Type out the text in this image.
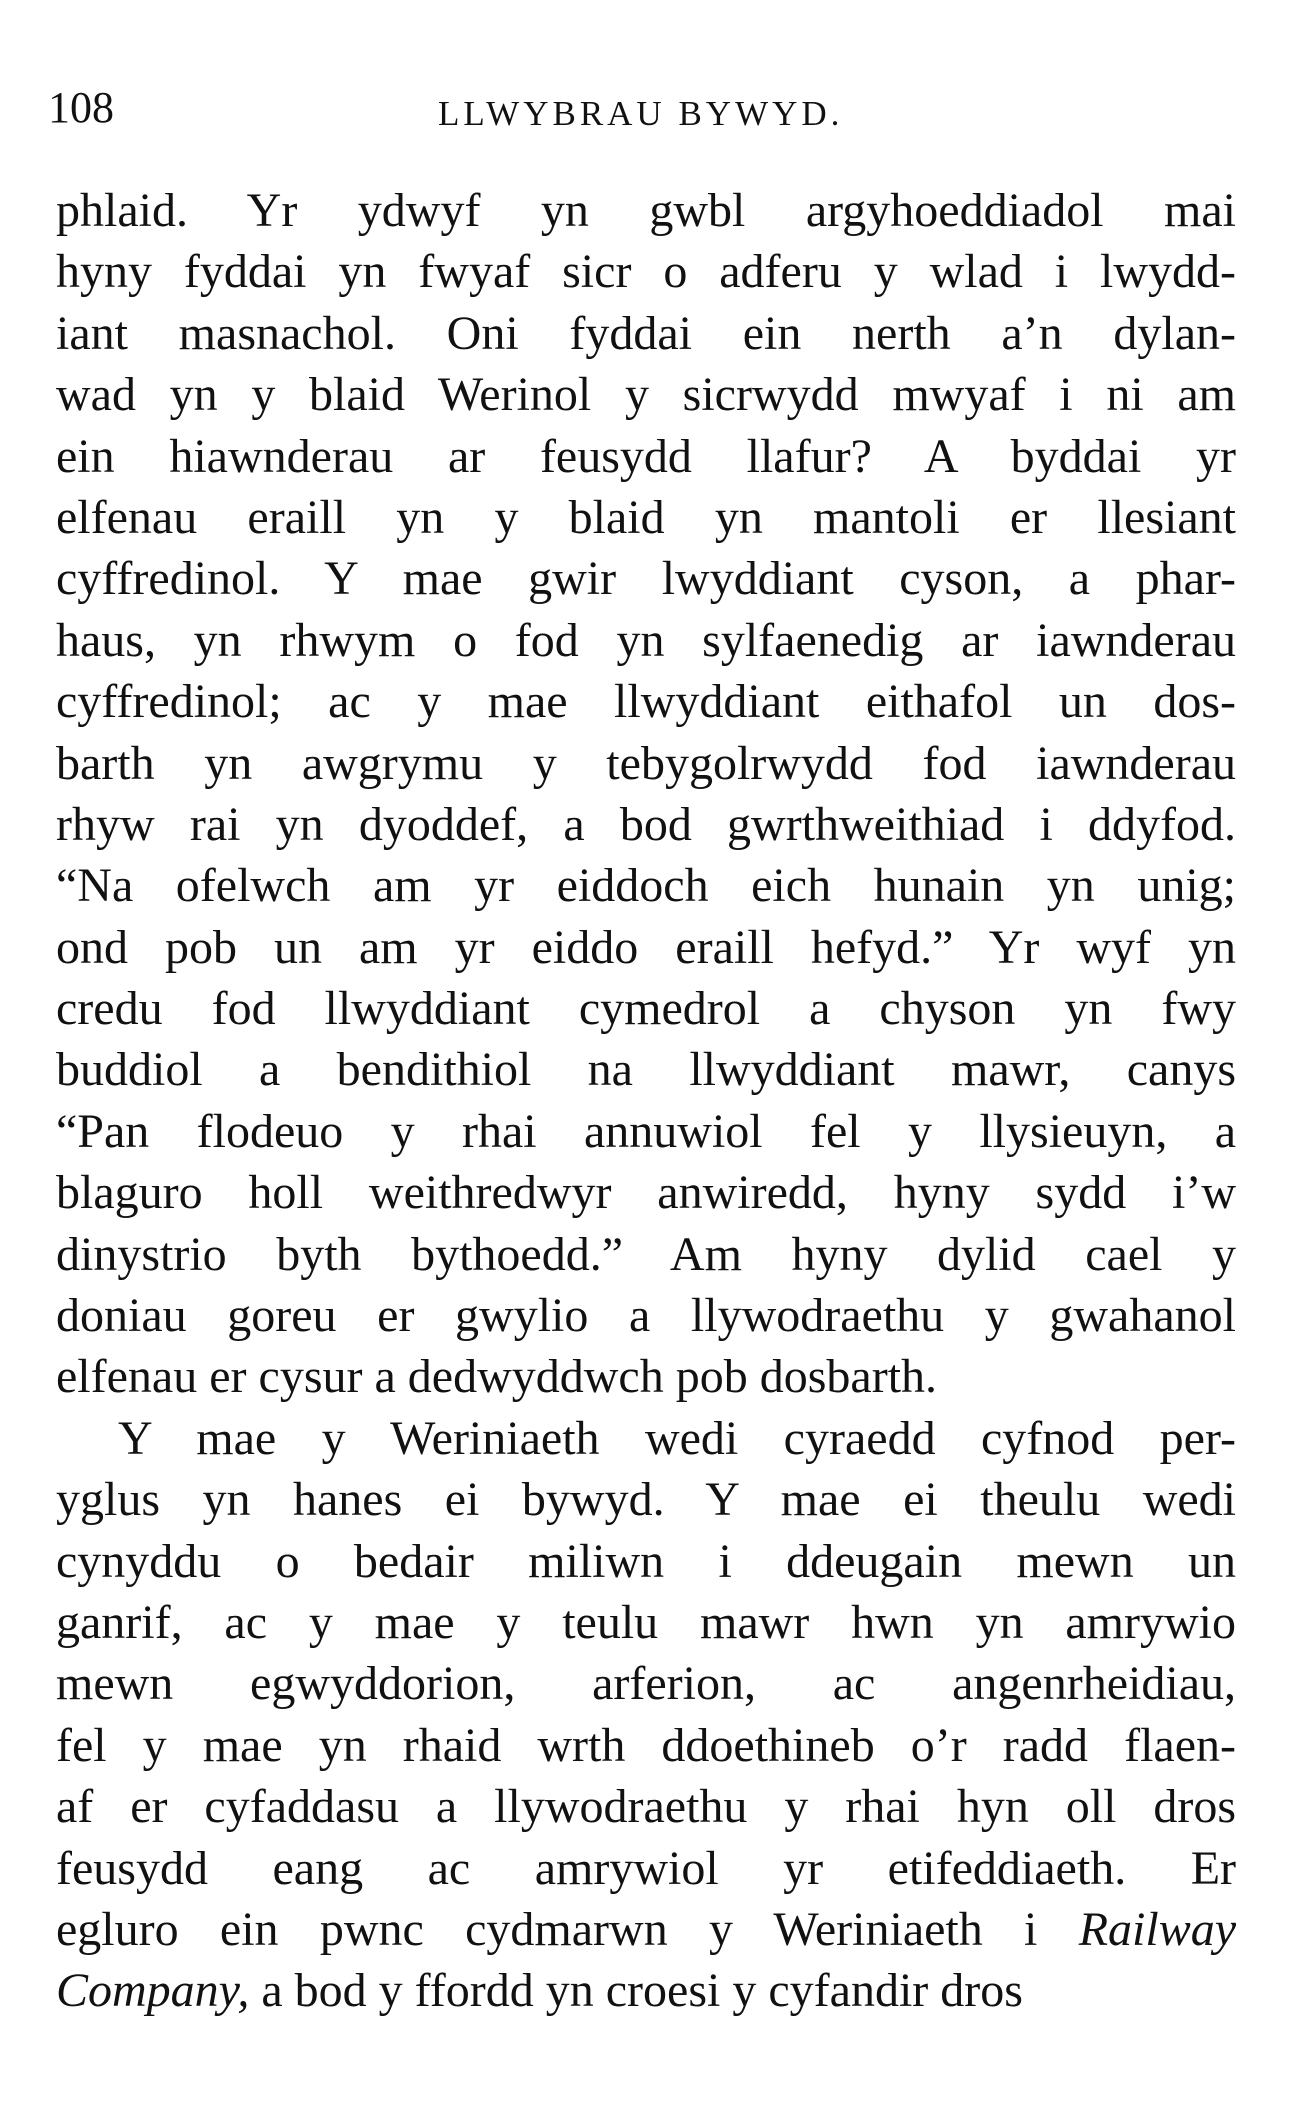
108	LLWYBRAU BYWYD.
phlaid. Yr ydwyf yn gwbl argyhoeddiadol mai
hyny fyddai yn fwyaf sicr o adferu y wlad i lwydd-
iant masnachol. Oni fyddai ein nerth a’n dylan-
wad yn y blaid Werinol y sicrwydd mwyaf i ni am
ein hiawnderau ar feusydd llafur? A byddai yr
elfenau eraill yn y blaid yn mantoli er llesiant
cyffredinol. Y mae gwir lwyddiant cyson, a phar-
haus, yn rhwym o fod yn sylfaenedig ar iawnderau
cyffredinol; ac y mae llwyddiant eithafol un dos-
barth yn awgrymu y tebygolrwydd fod iawnderau
rhyw rai yn dyoddef, a bod gwrthweithiad i ddyfod.
“Na ofelwch am yr eiddoch eich hunain yn unig;
ond pob un am yr eiddo eraill hefyd.” Yr wyf yn
credu fod llwyddiant cymedrol a chyson yn fwy
buddiol a bendithiol na llwyddiant mawr, canys
“Pan flodeuo y rhai annuwiol fel y llysieuyn, a
blaguro holl weithredwyr anwiredd, hyny sydd i’w
dinystrio byth bythoedd.” Am hyny dylid cael y
doniau goreu er gwylio a llywodraethu y gwahanol
elfenau er cysur a dedwyddwch pob dosbarth.
Y mae y Weriniaeth wedi cyraedd cyfnod per-
yglus yn hanes ei bywyd. Y mae ei theulu wedi
cynyddu o bedair miliwn i ddeugain mewn un
ganrif, ac y mae y teulu mawr hwn yn amrywio
mewn egwyddorion, arferion, ac angenrheidiau,
fel y mae yn rhaid wrth ddoethineb o’r radd flaen-
af er cyfaddasu a llywodraethu y rhai hyn oll dros
feusydd eang ac amrywiol yr etifeddiaeth. Er
egluro ein pwnc cydmarwn y Weriniaeth i Railway
Company, a bod y ffordd yn croesi y cyfandir dros
